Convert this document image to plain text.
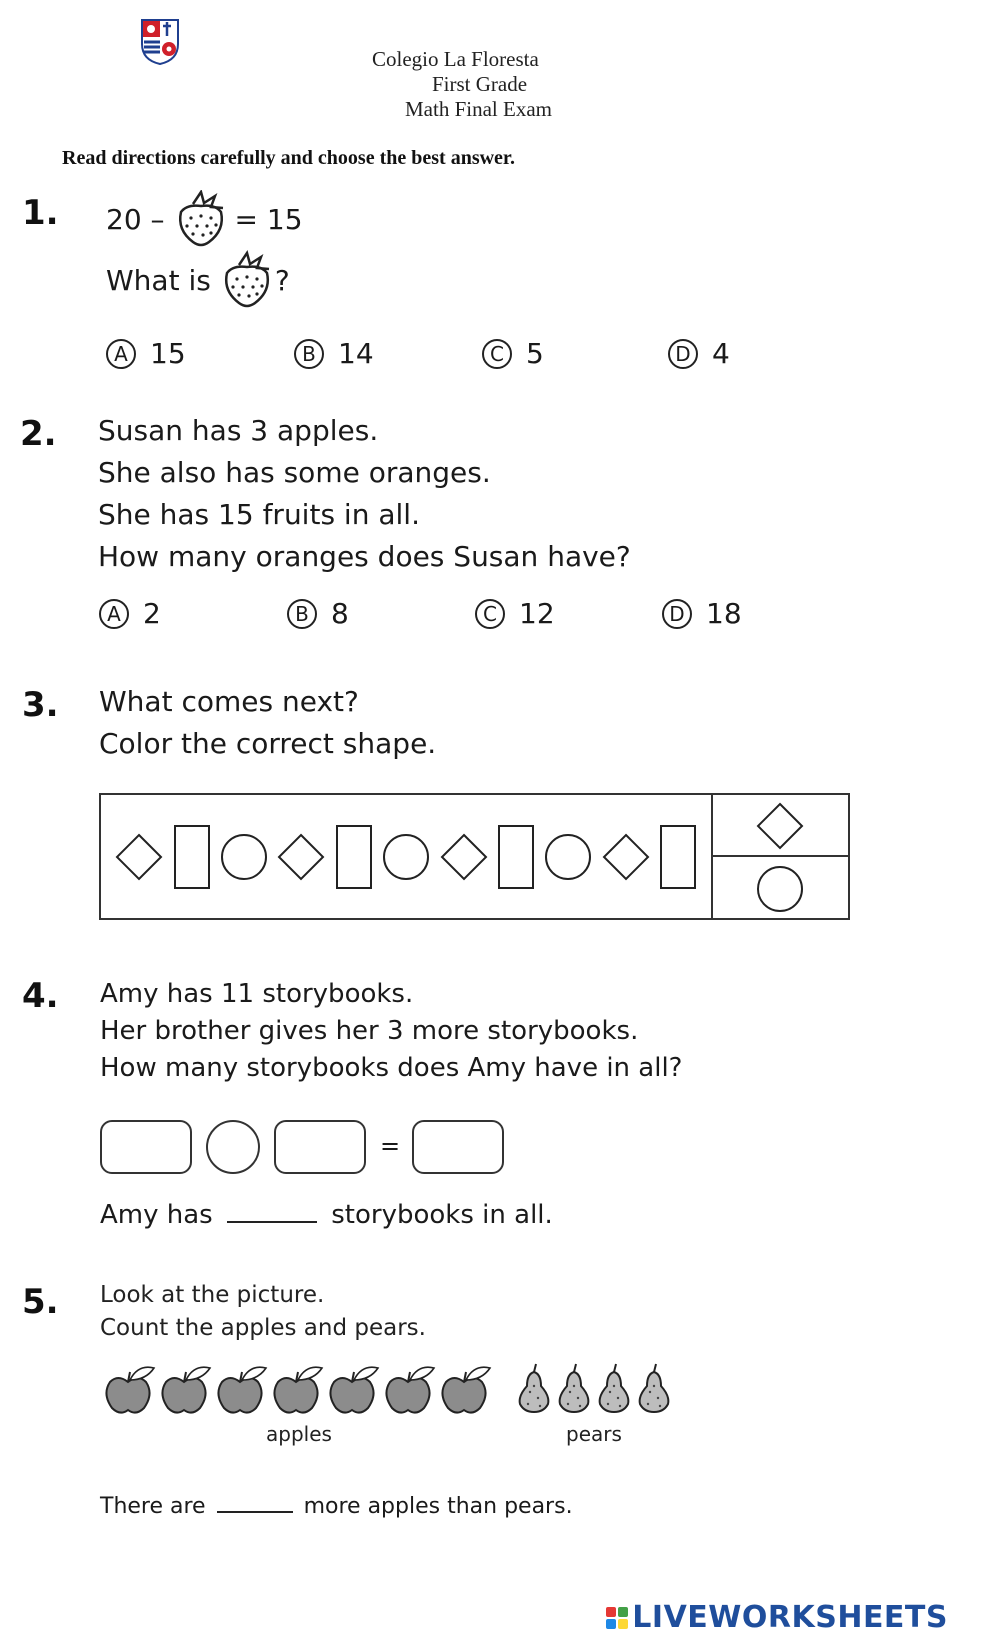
Colegio La Floresta
First Grade
Math Final Exam
Read directions carefully and choose the best answer.
1. 20 –	= 15
What is ?
A 15	B 14	C 5	D 4
2. Susan has 3 apples.
She also has some oranges.
She has 15 fruits in all.
How many oranges does Susan have?
A 2	B 8	C 12	D 18
3. What comes next?
Color the correct shape.
4. Amy has 11 storybooks.
Her brother gives her 3 more storybooks.
How many storybooks does Amy have in all?
=
Amy has	storybooks in all.
5. Look at the picture.
Count the apples and pears.
apples	pears
There are	more apples than pears.
LIVEWORKSHEETS
